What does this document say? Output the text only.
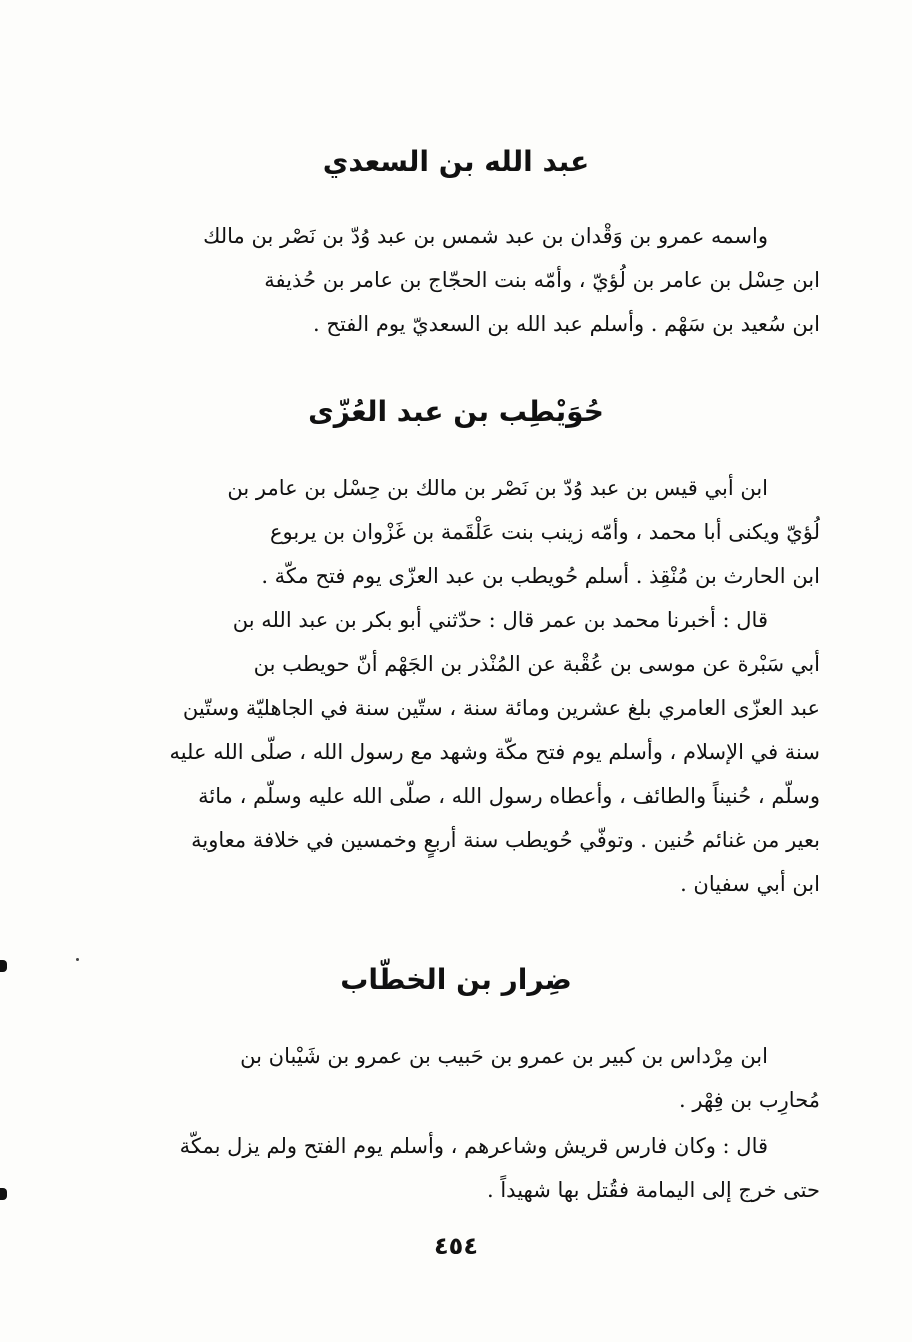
عبد الله بن السعدي
واسمه عمرو بن وَقْدان بن عبد شمس بن عبد وُدّ بن نَصْر بن مالك
ابن حِسْل بن عامر بن لُؤيّ ، وأمّه بنت الحجّاج بن عامر بن حُذيفة
ابن سُعيد بن سَهْم . وأسلم عبد الله بن السعديّ يوم الفتح .
حُوَيْطِب بن عبد العُزّى
ابن أبي قيس بن عبد وُدّ بن نَصْر بن مالك بن حِسْل بن عامر بن
لُؤيّ ويكنى أبا محمد ، وأمّه زينب بنت عَلْقَمة بن غَزْوان بن يربوع
ابن الحارث بن مُنْقِذ . أسلم حُويطب بن عبد العزّى يوم فتح مكّة .
قال : أخبرنا محمد بن عمر قال : حدّثني أبو بكر بن عبد الله بن
أبي سَبْرة عن موسى بن عُقْبة عن المُنْذر بن الجَهْم أنّ حويطب بن
عبد العزّى العامري بلغ عشرين ومائة سنة ، ستّين سنة في الجاهليّة وستّين
سنة في الإسلام ، وأسلم يوم فتح مكّة وشهد مع رسول الله ، صلّى الله عليه
وسلّم ، حُنيناً والطائف ، وأعطاه رسول الله ، صلّى الله عليه وسلّم ، مائة
بعير من غنائم حُنين . وتوفّي حُويطب سنة أربعٍ وخمسين في خلافة معاوية
ابن أبي سفيان .
ضِرار بن الخطّاب
ابن مِرْداس بن كبير بن عمرو بن حَبيب بن عمرو بن شَيْبان بن
مُحارِب بن فِهْر .
قال : وكان فارس قريش وشاعرهم ، وأسلم يوم الفتح ولم يزل بمكّة
حتى خرج إلى اليمامة فقُتل بها شهيداً .
٤٥٤
